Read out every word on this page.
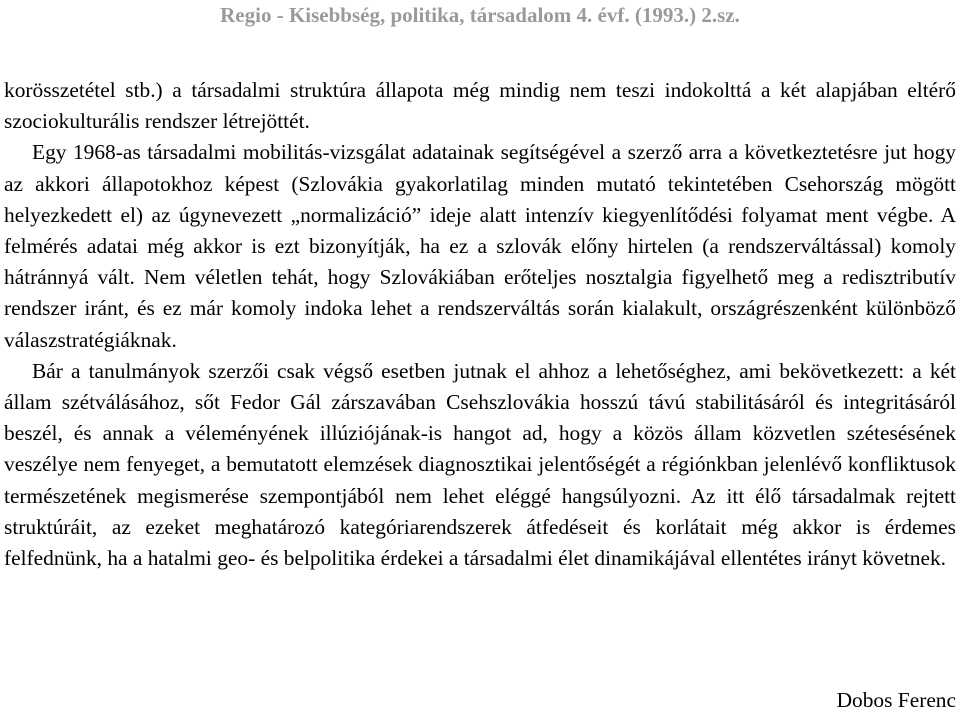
Regio - Kisebbség, politika, társadalom 4. évf. (1993.) 2.sz.

korösszetétel stb.) a társadalmi struktúra állapota még mindig nem teszi indokolttá a két alapjában eltérő szociokulturális rendszer létrejöttét.

Egy 1968-as társadalmi mobilitás-vizsgálat adatainak segítségével a szerző arra a következtetésre jut hogy az akkori állapotokhoz képest (Szlovákia gyakorlatilag minden mutató tekintetében Csehország mögött helyezkedett el) az úgynevezett „normalizáció” ideje alatt intenzív kiegyenlítődési folyamat ment végbe. A felmérés adatai még akkor is ezt bizonyítják, ha ez a szlovák előny hirtelen (a rendszerváltással) komoly hátránnyá vált. Nem véletlen tehát, hogy Szlovákiában erőteljes nosztalgia figyelhető meg a redisztributív rendszer iránt, és ez már komoly indoka lehet a rendszerváltás során kialakult, országrészenként különböző válaszstratégiáknak.

Bár a tanulmányok szerzői csak végső esetben jutnak el ahhoz a lehetőséghez, ami bekövetkezett: a két állam szétválásához, sőt Fedor Gál zárszavában Csehszlovákia hosszú távú stabilitásáról és integritásáról beszél, és annak a véleményének illúziójának-is hangot ad, hogy a közös állam közvetlen szétesésének veszélye nem fenyeget, a bemutatott elemzések diagnosztikai jelentőségét a régiónkban jelenlévő konfliktusok természetének megismerése szempontjából nem lehet eléggé hangsúlyozni. Az itt élő társadalmak rejtett struktúráit, az ezeket meghatározó kategóriarendszerek átfedéseit és korlátait még akkor is érdemes felfednünk, ha a hatalmi geo- és belpolitika érdekei a társadalmi élet dinamikájával ellentétes irányt követnek.

Dobos Ferenc
